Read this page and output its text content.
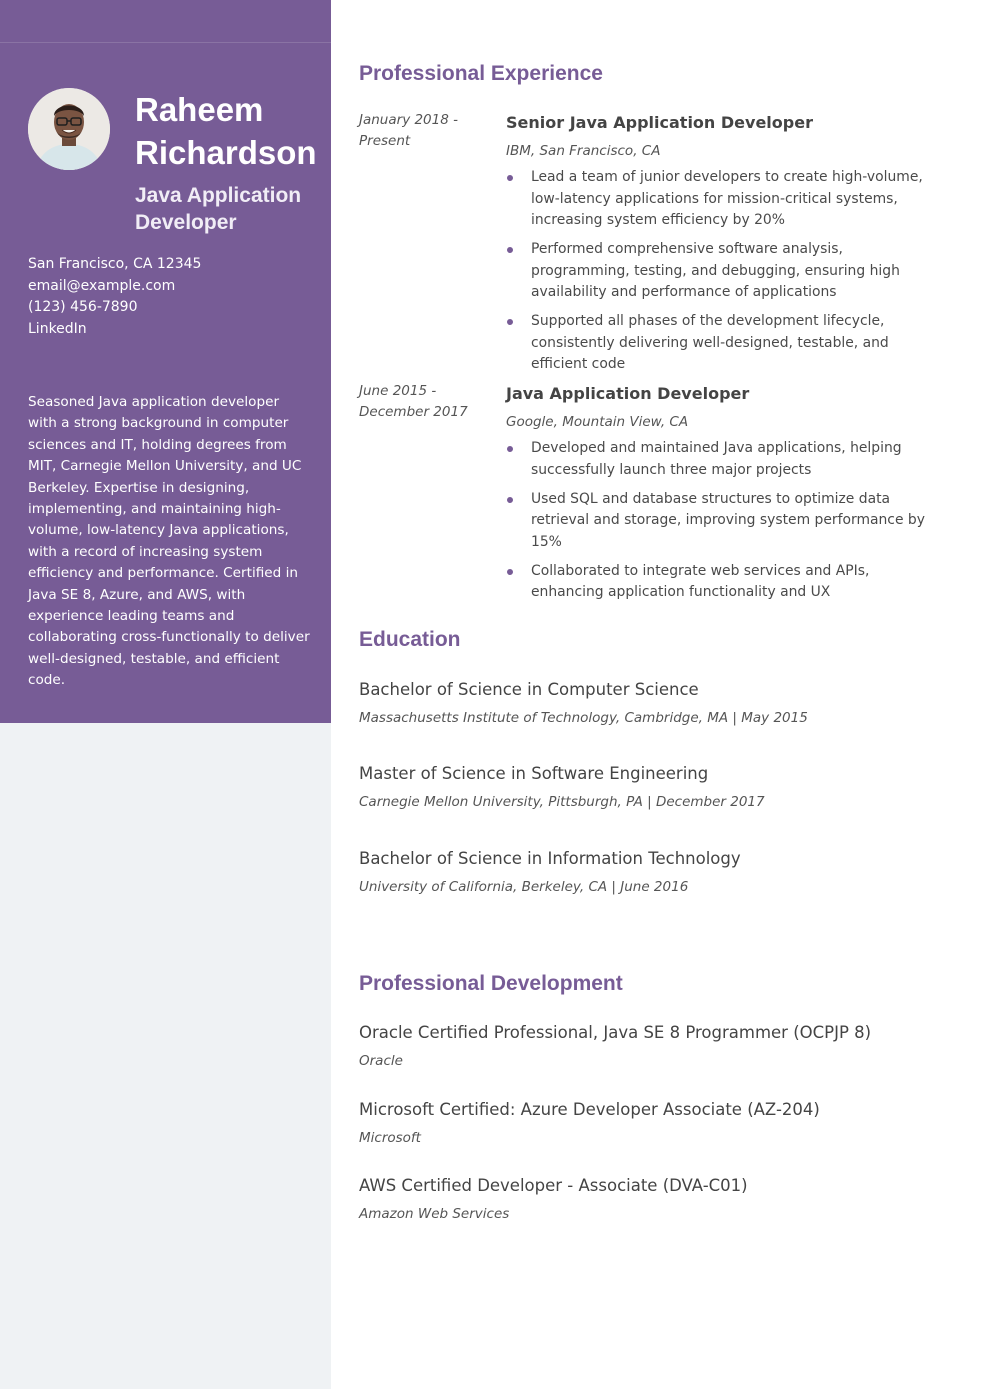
Raheem Richardson
Java Application Developer
San Francisco, CA 12345
email@example.com
(123) 456-7890
LinkedIn

Seasoned Java application developer with a strong background in computer sciences and IT, holding degrees from MIT, Carnegie Mellon University, and UC Berkeley. Expertise in designing, implementing, and maintaining high-volume, low-latency Java applications, with a record of increasing system efficiency and performance. Certified in Java SE 8, Azure, and AWS, with experience leading teams and collaborating cross-functionally to deliver well-designed, testable, and efficient code.

Professional Experience
January 2018 - Present
Senior Java Application Developer

IBM, San Francisco, CA

Lead a team of junior developers to create high-volume, low-latency applications for mission-critical systems, increasing system efficiency by 20%
Performed comprehensive software analysis, programming, testing, and debugging, ensuring high availability and performance of applications
Supported all phases of the development lifecycle, consistently delivering well-designed, testable, and efficient code
June 2015 - December 2017
Java Application Developer

Google, Mountain View, CA

Developed and maintained Java applications, helping successfully launch three major projects
Used SQL and database structures to optimize data retrieval and storage, improving system performance by 15%
Collaborated to integrate web services and APIs, enhancing application functionality and UX
Education

Bachelor of Science in Computer Science

Massachusetts Institute of Technology, Cambridge, MA | May 2015

Master of Science in Software Engineering

Carnegie Mellon University, Pittsburgh, PA | December 2017

Bachelor of Science in Information Technology

University of California, Berkeley, CA | June 2016

Professional Development

Oracle Certified Professional, Java SE 8 Programmer (OCPJP 8)

Oracle

Microsoft Certified: Azure Developer Associate (AZ-204)

Microsoft

AWS Certified Developer - Associate (DVA-C01)

Amazon Web Services
